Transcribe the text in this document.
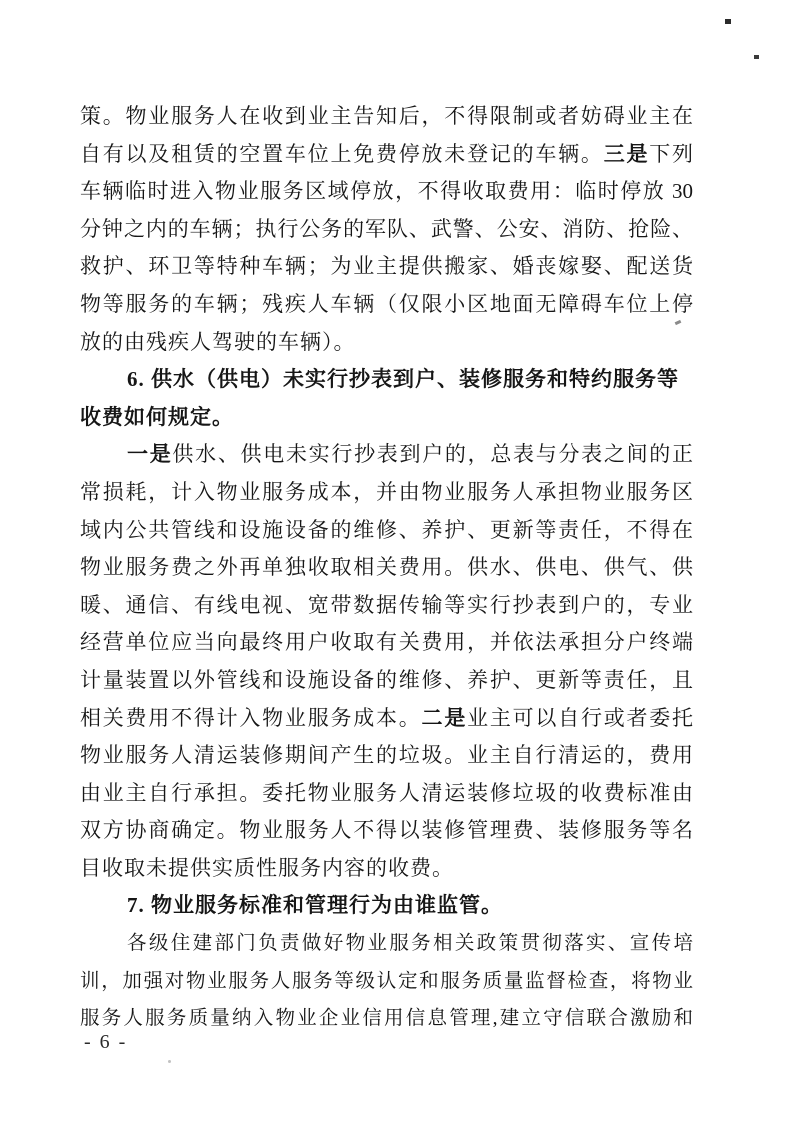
策。物业服务人在收到业主告知后，不得限制或者妨碍业主在
自有以及租赁的空置车位上免费停放未登记的车辆。三是下列
车辆临时进入物业服务区域停放，不得收取费用：临时停放 30
分钟之内的车辆；执行公务的军队、武警、公安、消防、抢险、
救护、环卫等特种车辆；为业主提供搬家、婚丧嫁娶、配送货
物等服务的车辆；残疾人车辆（仅限小区地面无障碍车位上停
放的由残疾人驾驶的车辆）。
6. 供水（供电）未实行抄表到户、装修服务和特约服务等
收费如何规定。
一是供水、供电未实行抄表到户的，总表与分表之间的正
常损耗，计入物业服务成本，并由物业服务人承担物业服务区
域内公共管线和设施设备的维修、养护、更新等责任，不得在
物业服务费之外再单独收取相关费用。供水、供电、供气、供
暖、通信、有线电视、宽带数据传输等实行抄表到户的，专业
经营单位应当向最终用户收取有关费用，并依法承担分户终端
计量装置以外管线和设施设备的维修、养护、更新等责任，且
相关费用不得计入物业服务成本。二是业主可以自行或者委托
物业服务人清运装修期间产生的垃圾。业主自行清运的，费用
由业主自行承担。委托物业服务人清运装修垃圾的收费标准由
双方协商确定。物业服务人不得以装修管理费、装修服务等名
目收取未提供实质性服务内容的收费。
7. 物业服务标准和管理行为由谁监管。
各级住建部门负责做好物业服务相关政策贯彻落实、宣传培
训，加强对物业服务人服务等级认定和服务质量监督检查，将物业
服务人服务质量纳入物业企业信用信息管理,建立守信联合激励和
- 6 -
